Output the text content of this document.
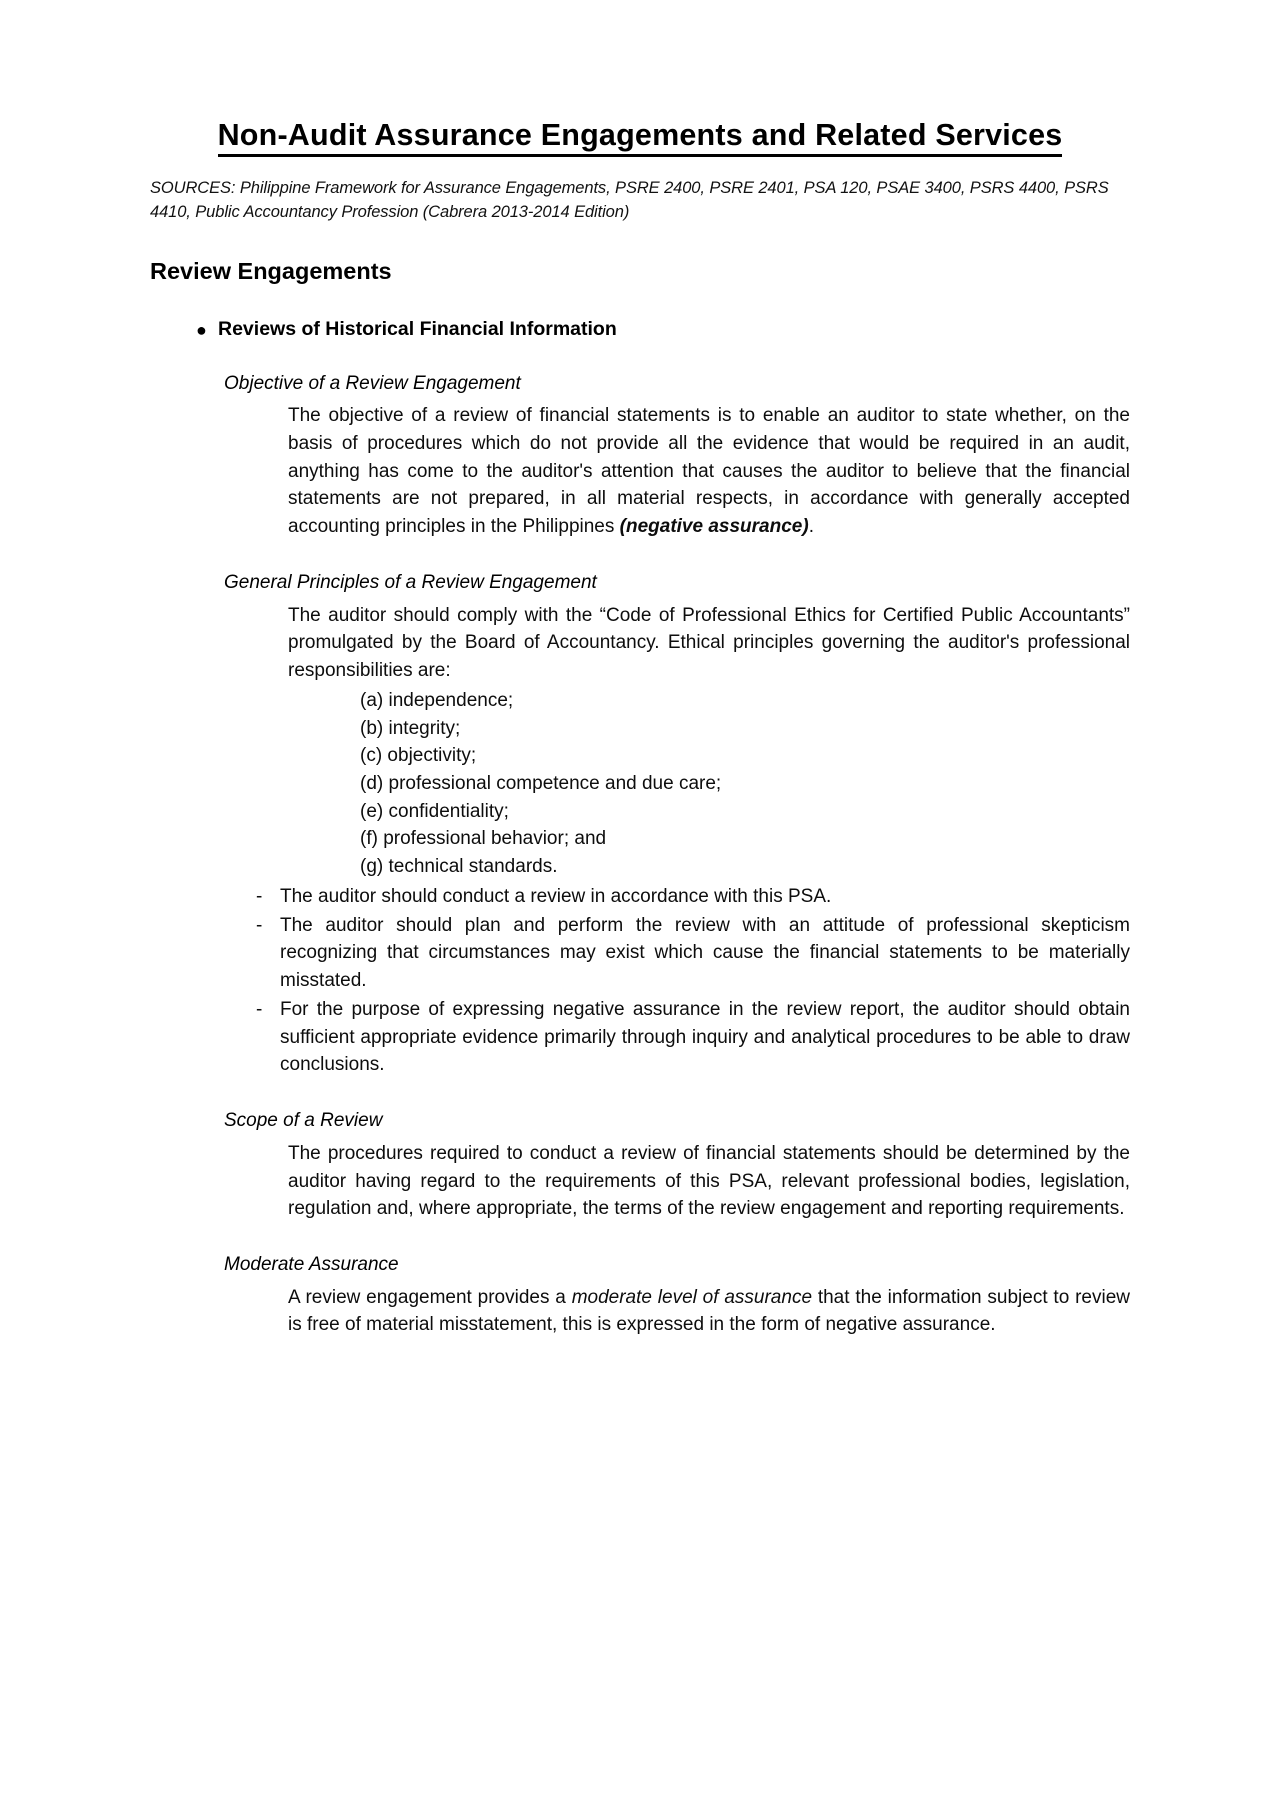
Non-Audit Assurance Engagements and Related Services

SOURCES: Philippine Framework for Assurance Engagements, PSRE 2400, PSRE 2401, PSA 120, PSAE 3400, PSRS 4400, PSRS 4410, Public Accountancy Profession (Cabrera 2013-2014 Edition)

Review Engagements
● Reviews of Historical Financial Information

Objective of a Review Engagement

The objective of a review of financial statements is to enable an auditor to state whether, on the basis of procedures which do not provide all the evidence that would be required in an audit, anything has come to the auditor's attention that causes the auditor to believe that the financial statements are not prepared, in all material respects, in accordance with generally accepted accounting principles in the Philippines (negative assurance).

General Principles of a Review Engagement

The auditor should comply with the “Code of Professional Ethics for Certified Public Accountants” promulgated by the Board of Accountancy. Ethical principles governing the auditor's professional responsibilities are:

(a) independence;
(b) integrity;
(c) objectivity;
(d) professional competence and due care;
(e) confidentiality;
(f) professional behavior; and
(g) technical standards.
- The auditor should conduct a review in accordance with this PSA.
- The auditor should plan and perform the review with an attitude of professional skepticism recognizing that circumstances may exist which cause the financial statements to be materially misstated.
- For the purpose of expressing negative assurance in the review report, the auditor should obtain sufficient appropriate evidence primarily through inquiry and analytical procedures to be able to draw conclusions.

Scope of a Review

The procedures required to conduct a review of financial statements should be determined by the auditor having regard to the requirements of this PSA, relevant professional bodies, legislation, regulation and, where appropriate, the terms of the review engagement and reporting requirements.

Moderate Assurance

A review engagement provides a moderate level of assurance that the information subject to review is free of material misstatement, this is expressed in the form of negative assurance.
